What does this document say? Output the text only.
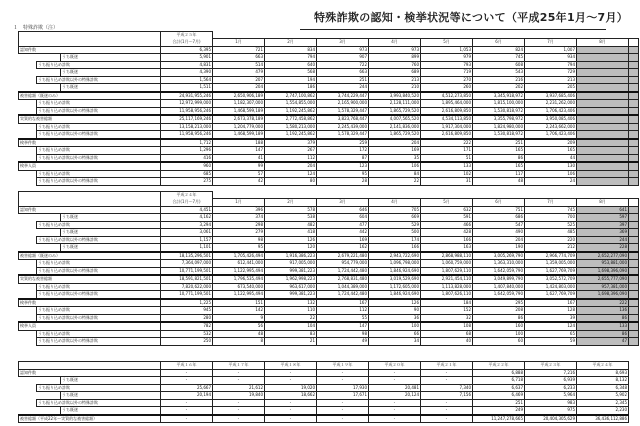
特殊詐欺の認知・検挙状況等について（平成25年1月〜7月）
１　特殊詐欺（注）
			平成２５年									
			合計(1月〜7月)	1月	2月	3月	4月	5月	6月	7月	8月	
認知件数			6,395	721	834	973	973	1,053	824	1,007		
		うち既遂	5,901	663	794	907	899	979	745	934		
	うち振り込め詐欺		4,831	514	640	722	760	793	608	794		
		うち既遂	4,390	479	568	663	689	719	543	729		
	うち振り込め詐欺以外の特殊詐欺		1,564	207	194	251	213	270	216	213		
		うち既遂	1,511	204	186	244	210	260	202	205		
被害総額（既遂のみ）			24,931,955,246	2,650,906,189	2,747,100,862	3,744,229,447	3,993,840,520	4,512,273,850	3,345,918,972	3,937,685,406		
	うち振り込め詐欺		12,972,999,000	1,182,307,000	1,554,855,000	2,165,900,000	2,128,111,000	1,895,464,000	1,815,100,000	2,231,262,000		
	うち振り込め詐欺以外の特殊詐欺		11,958,956,246	1,468,599,189	1,192,245,862	1,578,329,447	1,865,729,520	2,616,809,850	1,530,818,972	1,706,423,406		
実質的な被害総額			25,117,169,246	2,673,378,189	2,772,458,862	3,823,768,447	4,007,565,520	4,534,113,850	3,355,798,972	3,950,085,406		
	うち振り込め詐欺		13,158,213,000	1,204,779,000	1,580,213,000	2,245,439,000	2,141,836,000	1,917,304,000	1,824,980,000	2,243,662,000		
	うち振り込め詐欺以外の特殊詐欺		11,958,956,246	1,468,599,189	1,192,245,862	1,578,329,447	1,865,729,520	2,616,809,850	1,530,818,972	1,706,423,406		
検挙件数			1,712	188	379	259	204	222	251	209		
	うち振り込め詐欺		1,296	147	267	172	169	171	165	165		
	うち振り込め詐欺以外の特殊詐欺		416	41	112	87	35	51	86	44		
検挙人員			960	99	204	123	106	133	165	130		
	うち振り込め詐欺		685	57	124	95	84	102	117	106		
	うち振り込め詐欺以外の特殊詐欺		275	42	80	28	22	31	48	24		
			平成２４年									
			合計(1月〜7月)	1月	2月	3月	4月	5月	6月	7月	8月	
認知件数			4,451	396	578	646	705	632	751	745	641	
		うち既遂	4,162	374	538	604	669	591	686	700	597	
	うち振り込め詐欺		3,294	298	482	477	529	466	547	525	397	
		うち既遂	3,061	279	418	442	500	428	490	485	369	
	うち振り込め詐欺以外の特殊詐欺		1,157	98	126	169	174	166	204	220	244	
		うち既遂	1,101	95	120	162	166	163	190	212	228	
被害総額（既遂のみ）			18,135,296,501	1,705,426,494	1,916,386,223	2,679,221,480	2,943,722,690	2,868,988,110	3,005,269,790	2,966,774,709	2,652,277,090	
	うち振り込め詐欺		7,364,097,000	612,441,000	917,005,000	954,779,000	1,096,798,000	1,060,759,000	1,363,310,000	1,359,005,000	953,881,000	
	うち振り込め詐欺以外の特殊詐欺		10,771,199,501	1,122,995,494	999,381,223	1,724,442,480	1,846,924,690	1,807,629,110	1,642,059,790	1,627,769,709	1,698,396,090	
実質的な被害総額			18,591,821,501	1,796,535,494	1,962,998,223	2,768,831,480	3,019,529,690	2,921,454,110	3,049,899,790	3,052,572,709	2,655,777,090	
	うち振り込め詐欺		7,820,622,000	673,540,000	963,617,000	1,044,389,000	1,172,605,000	1,113,828,000	1,407,840,000	1,424,803,000	957,381,000	
	うち振り込め詐欺以外の特殊詐欺		10,771,199,501	1,122,995,494	999,381,223	1,724,442,480	1,846,924,690	1,807,626,110	1,642,059,790	1,627,769,709	1,698,396,090	
検挙件数			1,225	151	132	167	126	184	295	167	222	
	うち振り込め詐欺		945	142	110	112	90	152	208	128	136	
	うち振り込め詐欺以外の特殊詐欺		280	9	22	55	36	32	86	39	86	
検挙人員			782	56	104	147	100	108	160	124	133	
	うち振り込め詐欺		532	48	83	98	66	68	100	65	86	
	うち振り込め詐欺以外の特殊詐欺		250	8	21	49	34	40	60	59	47	
			平成１６年	平成１７年	平成１８年	平成１９年	平成２０年	平成２１年	平成２２年	平成２３年	平成２４年
認知件数			-	-	-	-	-	-	6,888	7,216	8,693
		うち既遂	-	-	-	-	-	-	6,718	6,939	8,132
	うち振り込め詐欺		25,667	21,612	19,020	17,930	20,481	7,340	6,637	6,233	6,348
		うち既遂	20,194	19,840	18,662	17,671	20,124	7,156	6,469	5,964	5,902
	うち振り込め詐欺以外の特殊詐欺		-	-	-	-	-	-	251	983	2,345
		うち既遂	-	-	-	-	-	-	249	975	2,230
被害総額（平成22年〜実質的な被害総額）			-	-	-	-	-	-	11,247,278,665	20,404,305,629	36,436,112,886
